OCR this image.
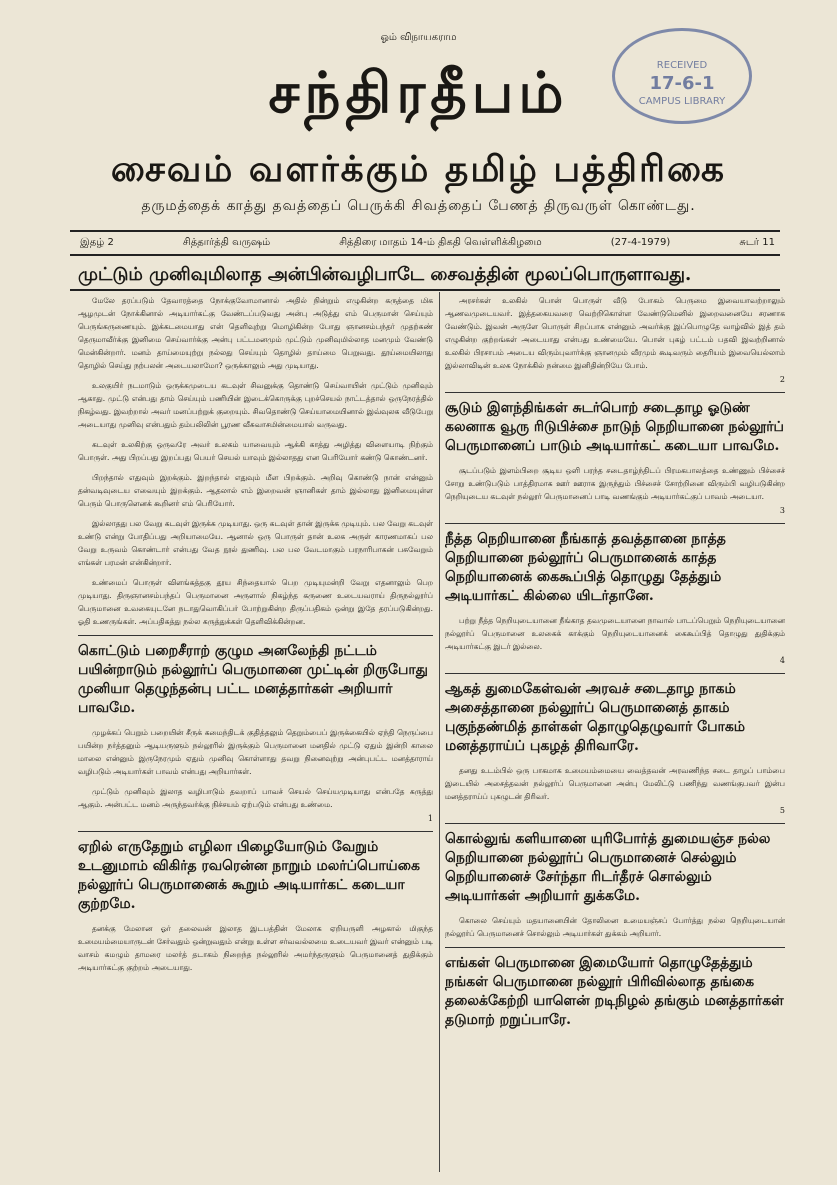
ஓம் விநாயகராம
RECEIVED
17-6-1
CAMPUS LIBRARY
சந்திரதீபம்
சைவம் வளர்க்கும் தமிழ் பத்திரிகை
தருமத்தைக் காத்து தவத்தைப் பெருக்கி சிவத்தைப் பேணத் திருவருள் கொண்டது.
இதழ் 2	சித்தார்த்தி வருஷம்	சித்திரை மாதம் 14-ம் திகதி வெள்ளிக்கிழமை	(27-4-1979)	சுடர் 11
முட்டும் முனிவுமிலாத அன்பின்வழிபாடே சைவத்தின் மூலப்பொருளாவது.

மேலே தரப்படும் தேவாரத்தை நோக்குவோமானால் அதில் நின்றும் எழுகின்ற கருத்தை மிக ஆழமுடன் நோக்கினால் அடியார்கட்கு வேண்டப்படுவது அன்பு அடுத்து எம் பெருமான் செய்யும் பெருங்கருணையும். இக்கடமையாது என் தெளிவுற்று மொழிகின்ற போது ஞானசம்பந்தர் முதற்கண் தெருமாவீர்க்கு இனிமை செய்வார்க்கு அன்பு பட்டமனமும் முட்டும் முனிவுமில்லாத மனமும் வேண்டு மென்கின்றார். மனம் தாய்மையுற்று நல்லது செய்யும் தொழில் தாய்மை பெறுவது. தூய்மையிலாது தொழில் செய்து நற்பலன் அடையலாமோ? ஒருக்காலும் அது முடியாது.

உலகுயிர் நடமாடும் ஒருக்கமுடைய கடவுள் சிவனுக்கு தொண்டு செய்வாயின் முட்டும் முனிவும் ஆகாது. முட்டு என்பது தாம் செய்யும் பணியின் இடைக்கொருக்கு புறச்செயல் நாட்டத்தால் ஒருநேரத்தில் நிகழ்வது. இவற்றால் அவர் மனப்பற்றுக் குறையும். சிவதொண்டு செய்யாமையினால் இவ்வுலக வீடுபேறு அடையாது முனிவு என்பதும் தம்பலிலின் பூரண வீசுவாசமின்மையால் வருவது.

கடவுள் உலகிற்கு ஒருவரே அவர் உலகம் யாவையும் ஆக்கி காத்து அழித்து விளையாடி நிற்கும் பொருள். அது பிறப்பது இறப்பது பெயர் செயல் யாவும் இல்லாதது என பெரியோர் கண்டு கொண்டனர்.

பிறந்தால் எதுவும் இறக்கும். இறந்தால் எதுவும் மீள பிறக்கும். அறிவு கொண்டு நான் என்னும் தன்வடிவுடைய எவையும் இறக்கும். ஆதலால் எம் இறைவன் ஞானிகள் தாம் இல்லாது இனிமையுள்ள பெரும் பொருளெனக் கூறினர் எம் பெரியோர்.

இல்லாதது பல வேறு கடவுள் இருக்க முடியாது. ஒரு கடவுள் தான் இருக்க முடியும். பல வேறு கடவுள் உண்டு என்று போதிப்பது அறியாமையே. ஆனால் ஒரு பொருள் தான் உலக அருள் காரணமாகப் பல வேறு உருவம் கொண்டார் என்பது வேத நூல் துணிவு. பல பல வேடமாகும் பரநாரிபாகன் பசுவேறும் எங்கள் பரமன் என்கின்றார்.

உண்மைப் பொருள் விளங்கத்தகு தூய சிந்தையால் பெற முடியுமன்றி வேறு எதனாலும் பெற முடியாது. திருஞானசம்பந்தப் பெருமானை அருளால் நிகழ்ந்த கருணை உடையவராய் திருநல்லூர்ப் பெருமானை உவகையுடனே நடாதுவொகிப்பர் போற்றுகின்ற திருப்பதிகம் ஒன்று இதே தரப்படுகின்றது. ஓதி உணருங்கள். அப்பதிகத்து நல்ல கருத்துக்கள் தெளிவிக்கின்றன.

கொட்டும் பறைசீராற் குழும அனலேந்தி நட்டம் பயின்றாடும் நல்லூர்ப் பெருமானை முட்டின் றிருபோது முனியா தெழுந்தன்பு பட்ட மனத்தார்கள் அறியார் பாவமே.

முழக்கப் பெறும் பறையின் சீருக் கமைந்திடக் குதித்தலும் தெறும்பைப் இருக்கையில் ஏந்தி நெருப்பை பயின்ற நர்த்தனும் ஆடியருளும் நல்லூரில் இருக்கும் பெருமானை மனதில் முட்டு ஏதும் இன்றி காலை மாலை என்னும் இருநேரமும் ஏதும் முனிவு கொள்ளாது தவறு நினைவுற்று அன்புபட்ட மனத்தாராய் வழிபடும் அடியார்கள் பாவம் என்பது அறியார்கள்.

முட்டும் முனிவும் இலாத வழிபாடும் தவறாப் பாவச் செயல் செய்யமுடியாது என்பதே கருத்து ஆகும். அன்பட்ட மனம் அருந்தவர்க்கு நிச்சயம் ஏற்படும் என்பது உண்மை.

1
ஏறில் எருதேறும் எழிலா பிழையோடும் வேறும் உடனுமாம் விகிர்த ரவரென்ன நாறும் மலர்ப்பொய்கை நல்லூர்ப் பெருமானைக் கூறும் அடியார்கட் கடையா குற்றமே.

தனக்கு மேலான ஓர் தலைவன் இலாத இடபத்தின் மேலாக ஏறியருளி அழகால் மிகுந்த உமையம்மையாருடன் சேர்வதும் ஒன்றுவதும் என்று உள்ள சர்வவல்லமை உடையவர் இவர் என்னும் படி வாசம் கமழும் தாமரை மலர்த் தடாகம் நிறைந்த நல்லூரில் அமர்ந்தருளும் பெருமானைத் துதிக்கும் அடியார்கட்கு குற்றம் அடையாது.

அரசர்கள் உலகில் பொன் பொருள் வீடு போகம் பெருமை இவையாவற்றாலும் ஆணவமுடையவர். இத்தகையவரை வெற்றிகொள்ள வேண்டுமெனில் இறைவனையே சரணாக வேண்டும். இவன் அருளே பொருள் சிறப்பாக என்னும் அவர்க்கு இப்பொழுதே வாழ்வில் இத் தம் எழுகின்ற குற்றங்கள் அடையாது என்பது உண்மையே. பொன் புகழ் பட்டம் பதவி இவற்றினால் உலகில் பிரசாபம் அடைய விரும்புவார்க்கு ஞானமும் வீரமும் கூடிவரும் தைரியம் இவையெல்லாம் இல்லாவிடின் உலக நோக்கில் நன்மை இனிதின்றியே போம்.

2
சூடும் இளந்திங்கள் சுடர்பொற் சடைதாழ ஓடுண் கலனாக வூரு ரிடுபிச்சை நாடுந் நெறியானை நல்லூர்ப் பெருமானைப் பாடும் அடியார்கட் கடையா பாவமே.

சூடப்படும் இளம்பிறை சூடிய ஒளி பரந்த சடைதாழ்ந்திடப் பிரமகபாலத்தை உண்ணும் பிச்சைச் சோறு உண்டுபடும் பாத்திரமாக ஊர் ஊராக இருந்தும் பிச்சைச் சோற்றினை விரும்பி வழிபடுகின்ற நெறியுடைய கடவுள் நல்லூர் பெருமானைப் பாடி வணங்கும் அடியார்கட்குப் பாவம் அடையா.

3
நீத்த நெறியானை நீங்காத் தவத்தானை நாத்த நெறியானை நல்லூர்ப் பெருமானைக் காத்த நெறியானைக் கைகூப்பித் தொழுது தேத்தும் அடியார்கட் கில்லை யிடர்தானே.

பற்று நீத்த நெறியுடையானை நீங்காத தவமுடையானை நாவால் பாடப்பெறும் நெறியுடையானை நல்லூர்ப் பெருமானை உலகைக் காக்கும் நெறியுடையானைக் கைகூப்பித் தொழுது துதிக்கும் அடியார்கட்கு இடர் இல்லை.

4
ஆகத் துமைகேள்வன் அரவச் சடைதாழ நாகம் அசைத்தானை நல்லூர்ப் பெருமானைத் தாகம் புகுந்தண்மித் தாள்கள் தொழுதெழுவார் போகம் மனத்தராய்ப் புகழத் திரிவாரே.

தனது உடம்பில் ஒரு பாகமாக உமையம்மையை வைத்தவன் அரவணிந்த சடை தாழப் பாம்பை இடையில் அசைத்தவன் நல்லூர்ப் பெருமானை அன்பு மேலிட்டு பணிந்து வணங்குபவர் இன்ப மனத்தராய்ப் புகழுடன் திரிவர்.

5
கொல்லுங் களியானை யுரிபோர்த் துமையஞ்ச நல்ல நெறியானை நல்லூர்ப் பெருமானைச் செல்லும் நெறியானைச் சேர்ந்தா ரிடர்தீரச் சொல்லும் அடியார்கள் அறியார் துக்கமே.

கொலை செய்யும் மதயானையின் தோலினை உமையஞ்சப் போர்த்து நல்ல நெறியுடையான் நல்லூர்ப் பெருமானைச் சொல்லும் அடியார்கள் துக்கம் அறியார்.

எங்கள் பெருமானை இமையோர் தொழுதேத்தும் நங்கள் பெருமானை நல்லூர் பிரிவில்லாத தங்கை தலைக்கேற்றி யாளென் றடிநிழல் தங்கும் மனத்தார்கள் தடுமாற் றறுப்பாரே.
